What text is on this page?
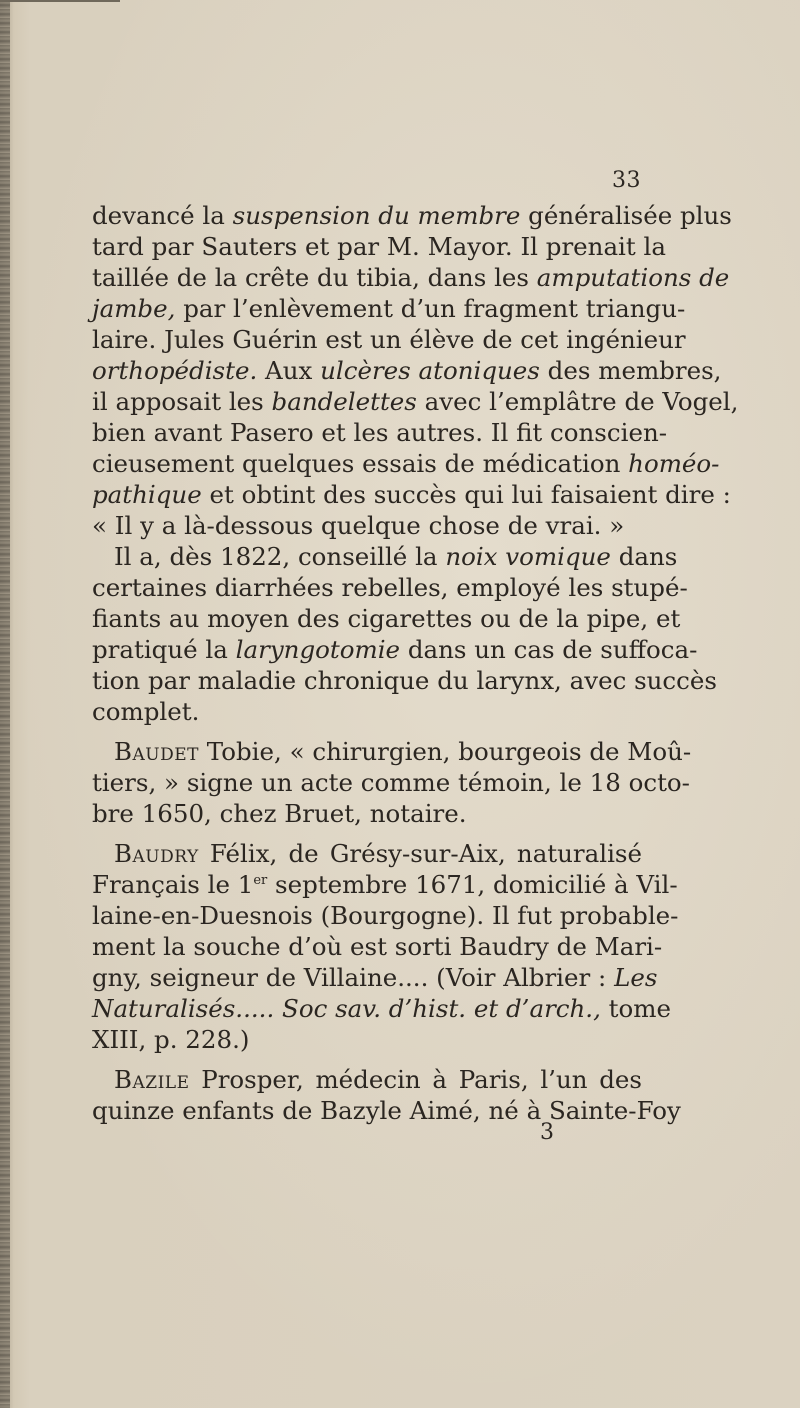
33
devancé la suspension du membre généralisée plus
tard par Sauters et par M. Mayor. Il prenait la
taillée de la crête du tibia, dans les amputations de
jambe, par l’enlèvement d’un fragment triangu-
laire. Jules Guérin est un élève de cet ingénieur
orthopédiste. Aux ulcères atoniques des membres,
il apposait les bandelettes avec l’emplâtre de Vogel,
bien avant Pasero et les autres. Il fit conscien-
cieusement quelques essais de médication homéo-
pathique et obtint des succès qui lui faisaient dire :
« Il y a là-dessous quelque chose de vrai. »
Il a, dès 1822, conseillé la noix vomique dans
certaines diarrhées rebelles, employé les stupé-
fiants au moyen des cigarettes ou de la pipe, et
pratiqué la laryngotomie dans un cas de suffoca-
tion par maladie chronique du larynx, avec succès
complet.
Baudet Tobie, « chirurgien, bourgeois de Moû-
tiers, » signe un acte comme témoin, le 18 octo-
bre 1650, chez Bruet, notaire.
Baudry Félix, de Grésy-sur-Aix, naturalisé
Français le 1er septembre 1671, domicilié à Vil-
laine-en-Duesnois (Bourgogne). Il fut probable-
ment la souche d’où est sorti Baudry de Mari-
gny, seigneur de Villaine.... (Voir Albrier : Les
Naturalisés..... Soc sav. d’hist. et d’arch., tome
XIII, p. 228.)
Bazile Prosper, médecin à Paris, l’un des
quinze enfants de Bazyle Aimé, né à Sainte-Foy
3
